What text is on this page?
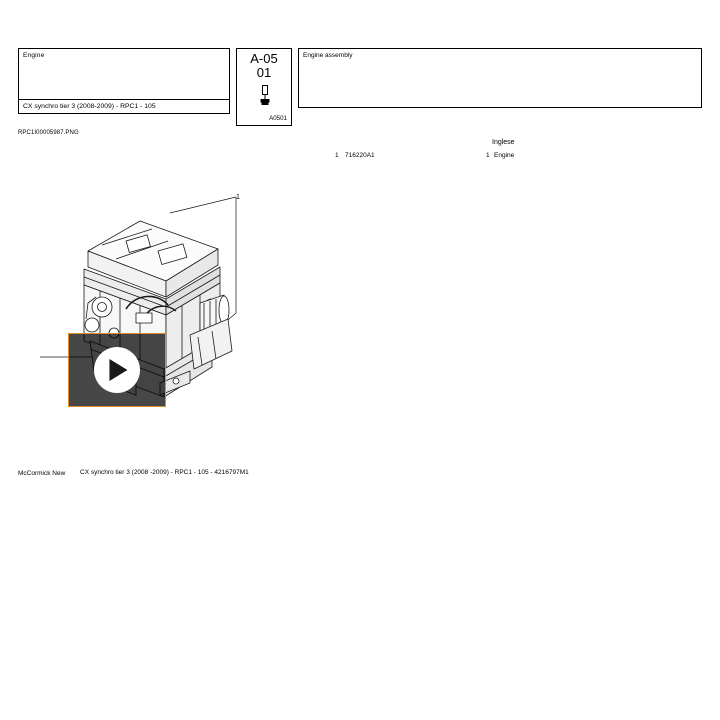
Engine
CX synchro tier 3 (2008-2009) - RPC1 - 105
A-05
01
A0501
Engine assembly
RPC1I00005987.PNG
Inglese
1 716220A1	1 Engine
1
McCormick New	CX synchro tier 3 (2008 -2009) - RPC1 - 105 - 4216797M1
